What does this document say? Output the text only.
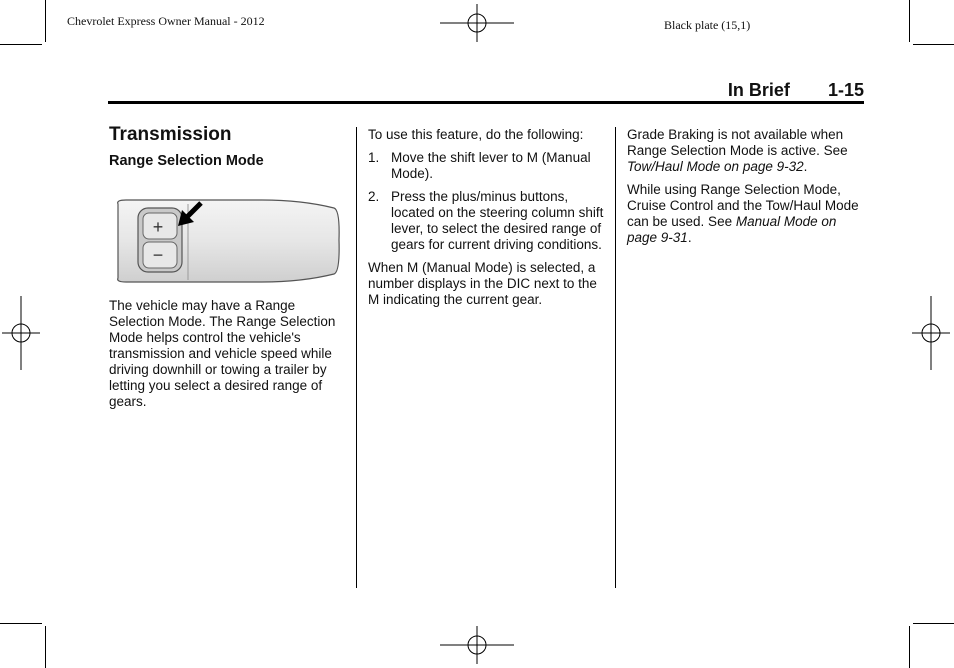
Chevrolet Express Owner Manual - 2012	Black plate (15,1)
In Brief 1-15
Transmission
Range Selection Mode
+
−

The vehicle may have a Range Selection Mode. The Range Selection Mode helps control the vehicle's transmission and vehicle speed while driving downhill or towing a trailer by letting you select a desired range of gears.

To use this feature, do the following:

1. Move the shift lever to M (Manual Mode).
2. Press the plus/minus buttons, located on the steering column shift lever, to select the desired range of gears for current driving conditions.

When M (Manual Mode) is selected, a number displays in the DIC next to the M indicating the current gear.

Grade Braking is not available when Range Selection Mode is active. See Tow/Haul Mode on page 9-32.

While using Range Selection Mode, Cruise Control and the Tow/Haul Mode can be used. See Manual Mode on page 9-31.
